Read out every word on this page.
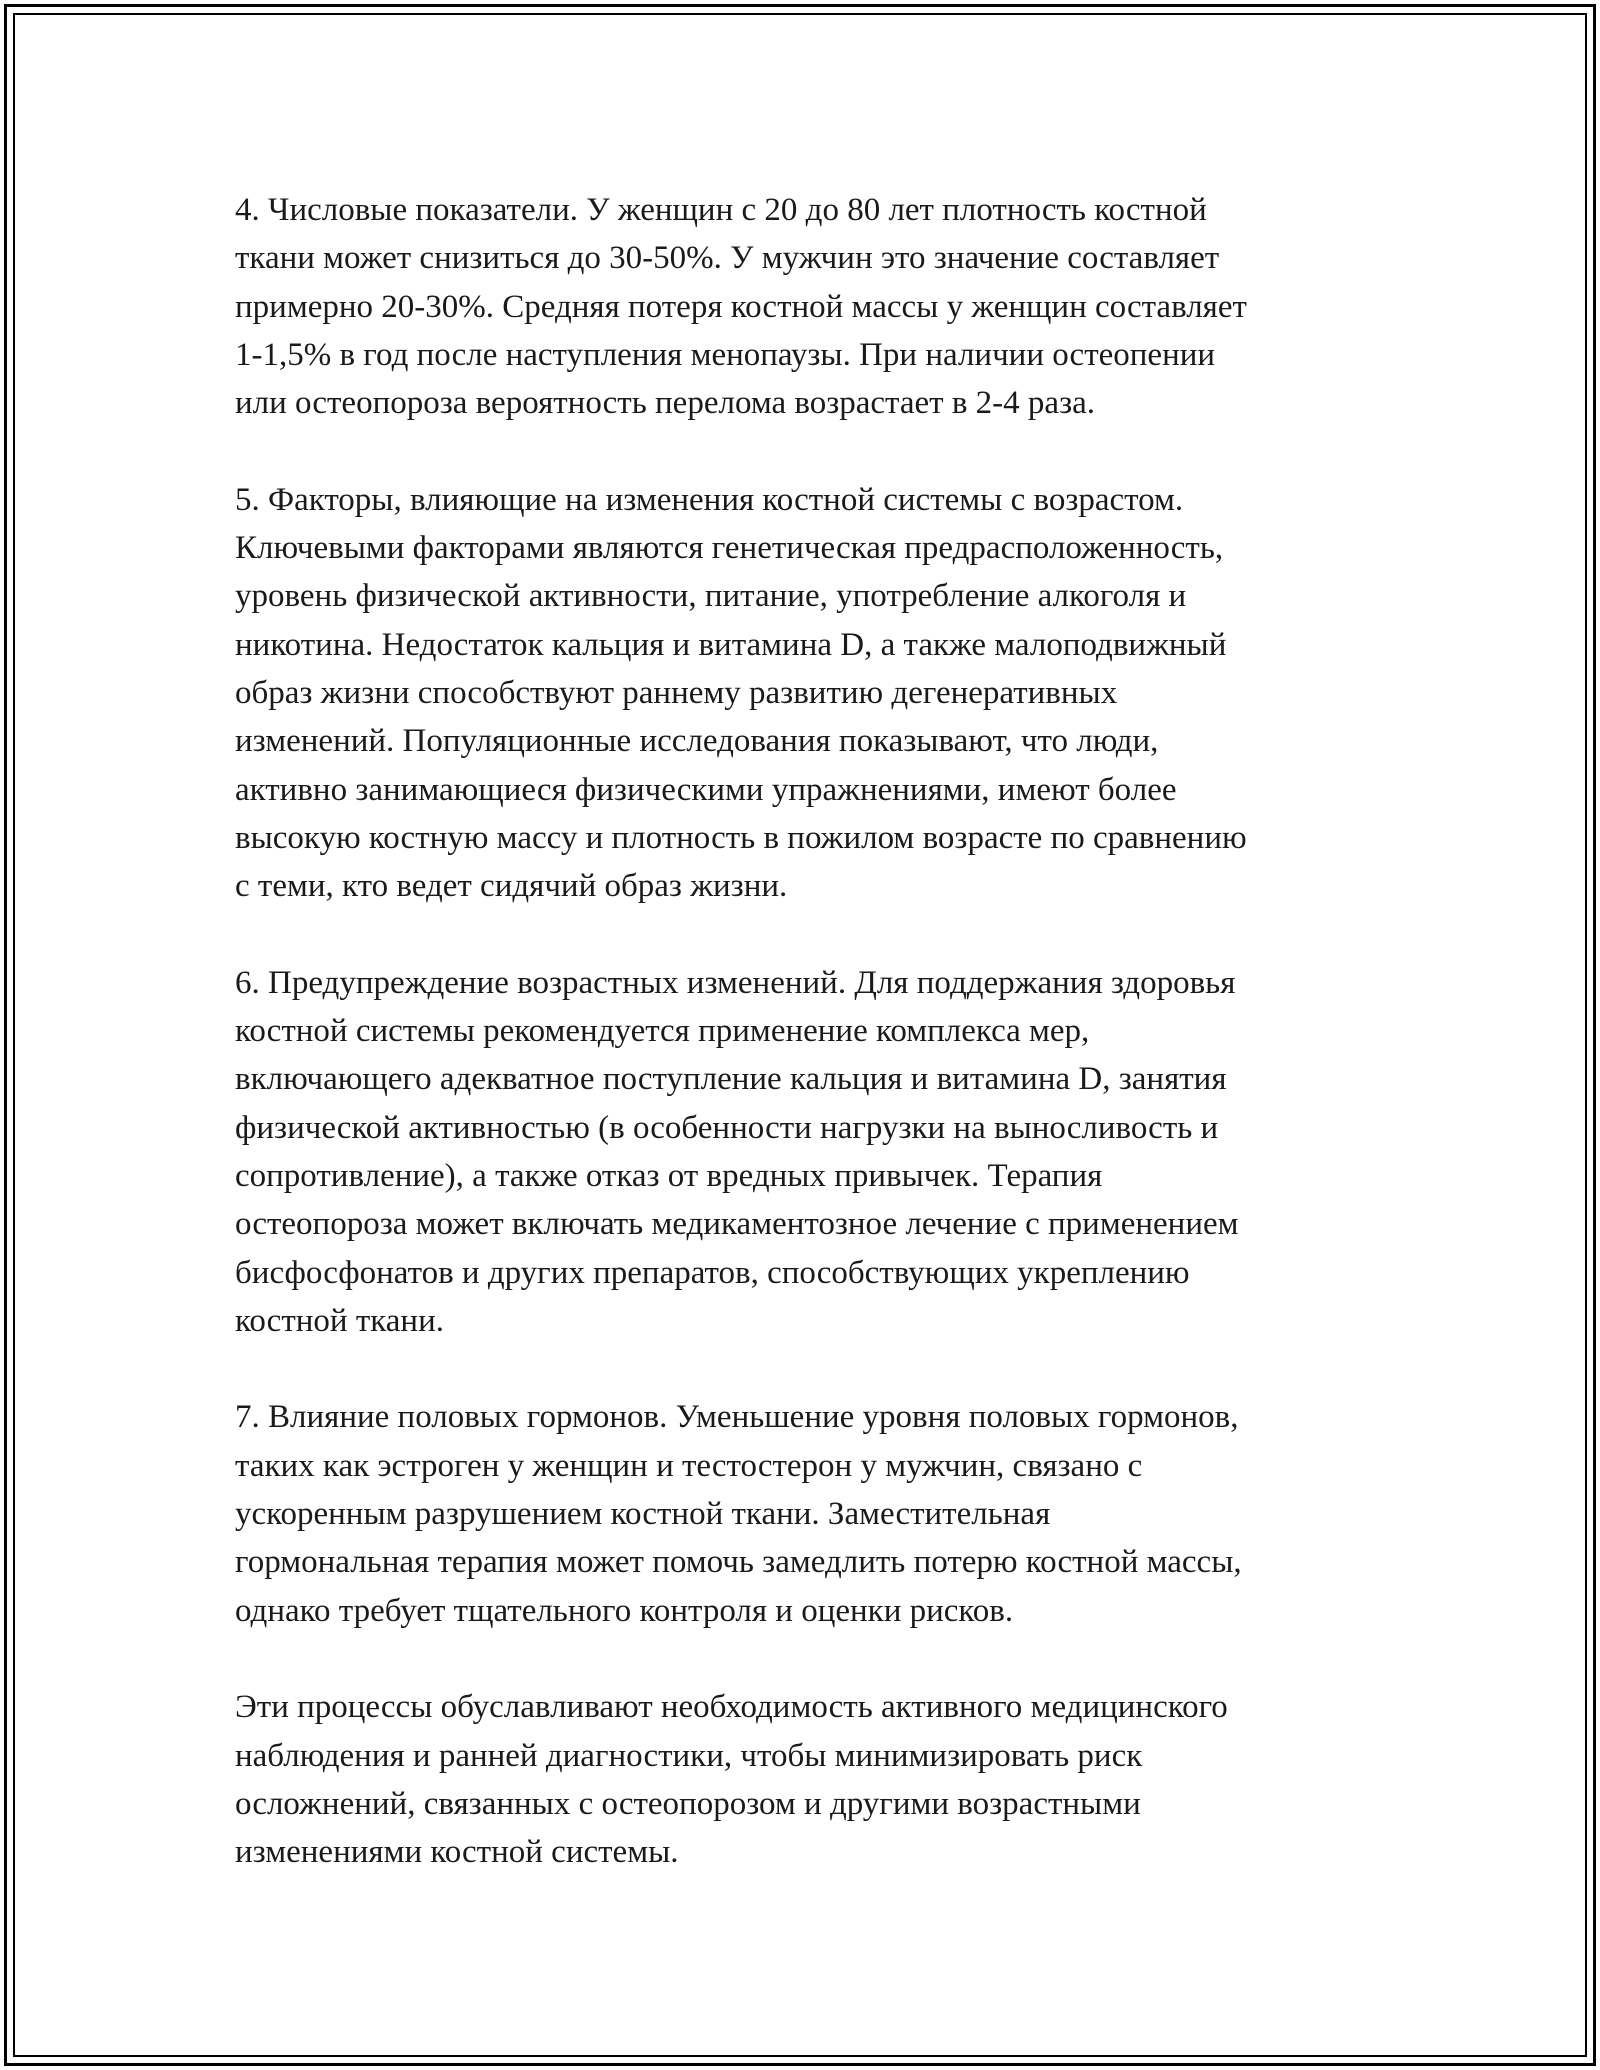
4. Числовые показатели. У женщин с 20 до 80 лет плотность костной
ткани может снизиться до 30-50%. У мужчин это значение составляет
примерно 20-30%. Средняя потеря костной массы у женщин составляет
1-1,5% в год после наступления менопаузы. При наличии остеопении
или остеопороза вероятность перелома возрастает в 2-4 раза.

5. Факторы, влияющие на изменения костной системы с возрастом.
Ключевыми факторами являются генетическая предрасположенность,
уровень физической активности, питание, употребление алкоголя и
никотина. Недостаток кальция и витамина D, а также малоподвижный
образ жизни способствуют раннему развитию дегенеративных
изменений. Популяционные исследования показывают, что люди,
активно занимающиеся физическими упражнениями, имеют более
высокую костную массу и плотность в пожилом возрасте по сравнению
с теми, кто ведет сидячий образ жизни.

6. Предупреждение возрастных изменений. Для поддержания здоровья
костной системы рекомендуется применение комплекса мер,
включающего адекватное поступление кальция и витамина D, занятия
физической активностью (в особенности нагрузки на выносливость и
сопротивление), а также отказ от вредных привычек. Терапия
остеопороза может включать медикаментозное лечение с применением
бисфосфонатов и других препаратов, способствующих укреплению
костной ткани.

7. Влияние половых гормонов. Уменьшение уровня половых гормонов,
таких как эстроген у женщин и тестостерон у мужчин, связано с
ускоренным разрушением костной ткани. Заместительная
гормональная терапия может помочь замедлить потерю костной массы,
однако требует тщательного контроля и оценки рисков.

Эти процессы обуславливают необходимость активного медицинского
наблюдения и ранней диагностики, чтобы минимизировать риск
осложнений, связанных с остеопорозом и другими возрастными
изменениями костной системы.
